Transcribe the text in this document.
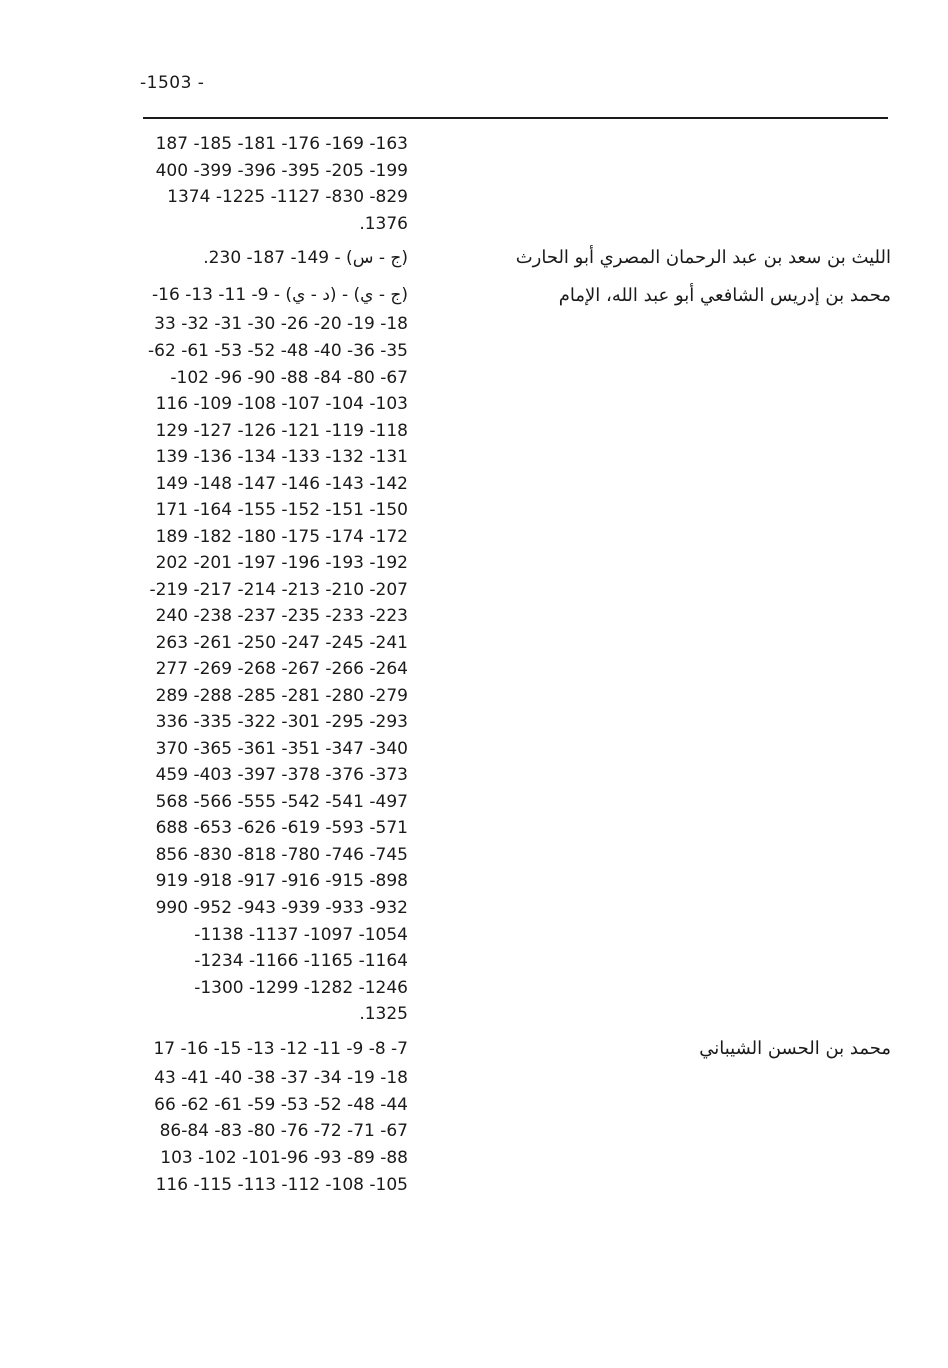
-1503 -
187 -185 -181 -176 -169 -163
400 -399 -396 -395 -205 -199
1374 -1225 -1127 -830 -829
.1376
الليث بن سعد بن عبد الرحمان المصري أبو الحارث
.230 -187 -149 - (ج - س)
محمد بن إدريس الشافعي أبو عبد الله، الإمام
-16 -13 -11 -9 - (د - ي) - (ج - ي)
33 -32 -31 -30 -26 -20 -19 -18
-62 -61 -53 -52 -48 -40 -36 -35
-102 -96 -90 -88 -84 -80 -67
116 -109 -108 -107 -104 -103
129 -127 -126 -121 -119 -118
139 -136 -134 -133 -132 -131
149 -148 -147 -146 -143 -142
171 -164 -155 -152 -151 -150
189 -182 -180 -175 -174 -172
202 -201 -197 -196 -193 -192
-219 -217 -214 -213 -210 -207
240 -238 -237 -235 -233 -223
263 -261 -250 -247 -245 -241
277 -269 -268 -267 -266 -264
289 -288 -285 -281 -280 -279
336 -335 -322 -301 -295 -293
370 -365 -361 -351 -347 -340
459 -403 -397 -378 -376 -373
568 -566 -555 -542 -541 -497
688 -653 -626 -619 -593 -571
856 -830 -818 -780 -746 -745
919 -918 -917 -916 -915 -898
990 -952 -943 -939 -933 -932
-1138 -1137 -1097 -1054
-1234 -1166 -1165 -1164
-1300 -1299 -1282 -1246
.1325
محمد بن الحسن الشيباني
17 -16 -15 -13 -12 -11 -9 -8 -7
43 -41 -40 -38 -37 -34 -19 -18
66 -62 -61 -59 -53 -52 -48 -44
86-84 -83 -80 -76 -72 -71 -67
103 -102 -101-96 -93 -89 -88
116 -115 -113 -112 -108 -105
